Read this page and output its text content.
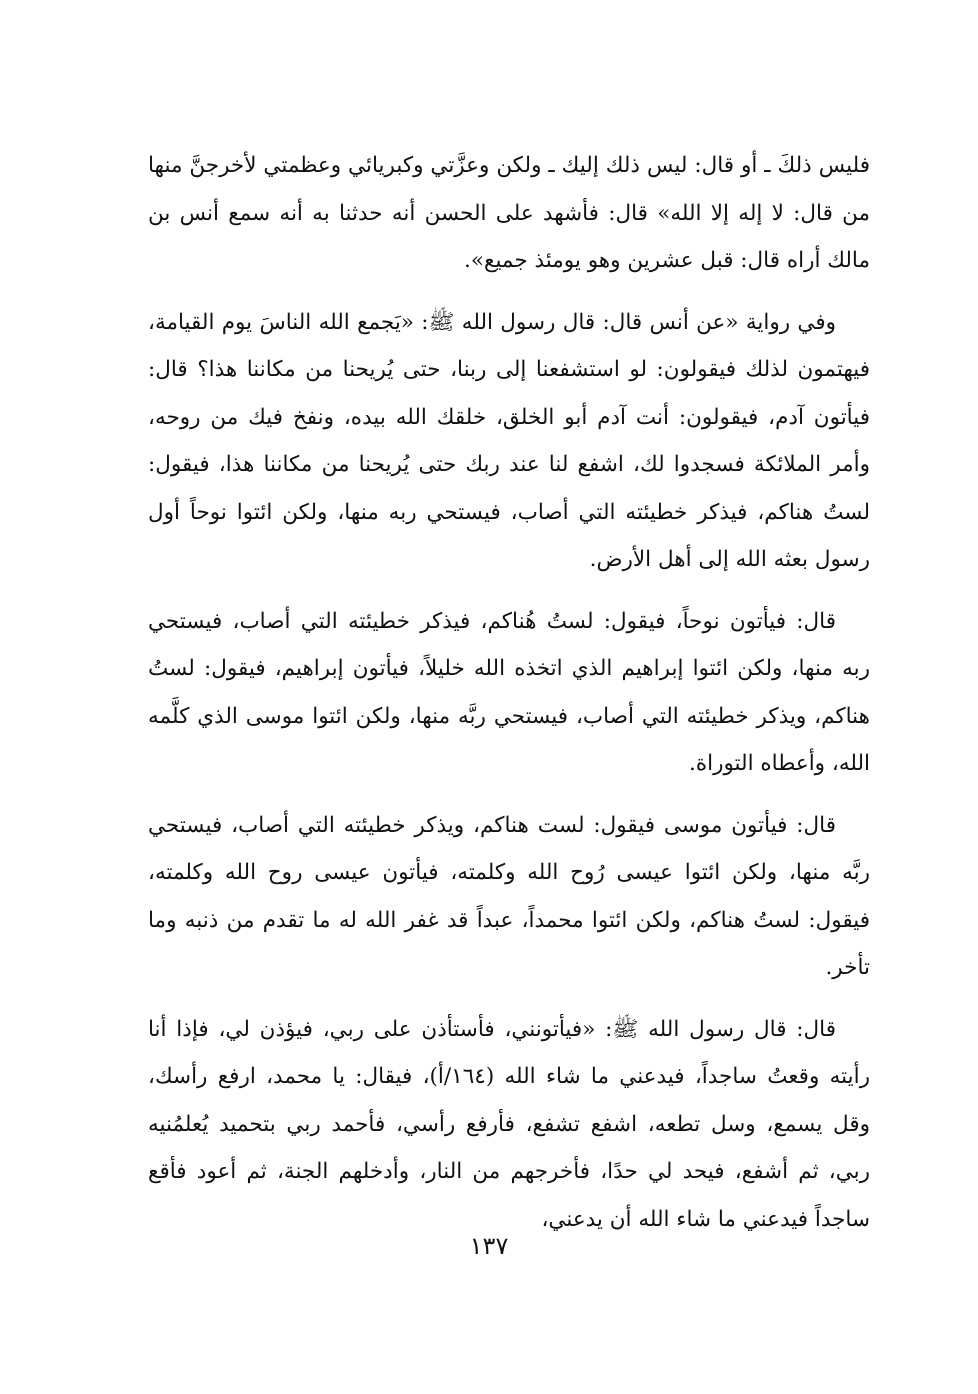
فليس ذلكَ ـ أو قال: ليس ذلك إليك ـ ولكن وعزَّتي وكبريائي وعظمتي لأخرجنَّ منها من قال: لا إله إلا الله» قال: فأشهد على الحسن أنه حدثنا به أنه سمع أنس بن مالك أراه قال: قبل عشرين وهو يومئذ جميع».

وفي رواية «عن أنس قال: قال رسول الله ﷺ: «يَجمع الله الناسَ يوم القيامة، فيهتمون لذلك فيقولون: لو استشفعنا إلى ربنا، حتى يُريحنا من مكاننا هذا؟ قال: فيأتون آدم، فيقولون: أنت آدم أبو الخلق، خلقك الله بيده، ونفخ فيك من روحه، وأمر الملائكة فسجدوا لك، اشفع لنا عند ربك حتى يُريحنا من مكاننا هذا، فيقول: لستُ هناكم، فيذكر خطيئته التي أصاب، فيستحي ربه منها، ولكن ائتوا نوحاً أول رسول بعثه الله إلى أهل الأرض.

قال: فيأتون نوحاً، فيقول: لستُ هُناكم، فيذكر خطيئته التي أصاب، فيستحي ربه منها، ولكن ائتوا إبراهيم الذي اتخذه الله خليلاً، فيأتون إبراهيم، فيقول: لستُ هناكم، ويذكر خطيئته التي أصاب، فيستحي ربَّه منها، ولكن ائتوا موسى الذي كلَّمه الله، وأعطاه التوراة.

قال: فيأتون موسى فيقول: لست هناكم، ويذكر خطيئته التي أصاب، فيستحي ربَّه منها، ولكن ائتوا عيسى رُوح الله وكلمته، فيأتون عيسى روح الله وكلمته، فيقول: لستُ هناكم، ولكن ائتوا محمداً، عبداً قد غفر الله له ما تقدم من ذنبه وما تأخر.

قال: قال رسول الله ﷺ: «فيأتونني، فأستأذن على ربي، فيؤذن لي، فإذا أنا رأيته وقعتُ ساجداً، فيدعني ما شاء الله (١٦٤/أ)، فيقال: يا محمد، ارفع رأسك، وقل يسمع، وسل تطعه، اشفع تشفع، فأرفع رأسي، فأحمد ربي بتحميد يُعلمُنيه ربي، ثم أشفع، فيحد لي حدًا، فأخرجهم من النار، وأدخلهم الجنة، ثم أعود فأقع ساجداً فيدعني ما شاء الله أن يدعني،

١٣٧
